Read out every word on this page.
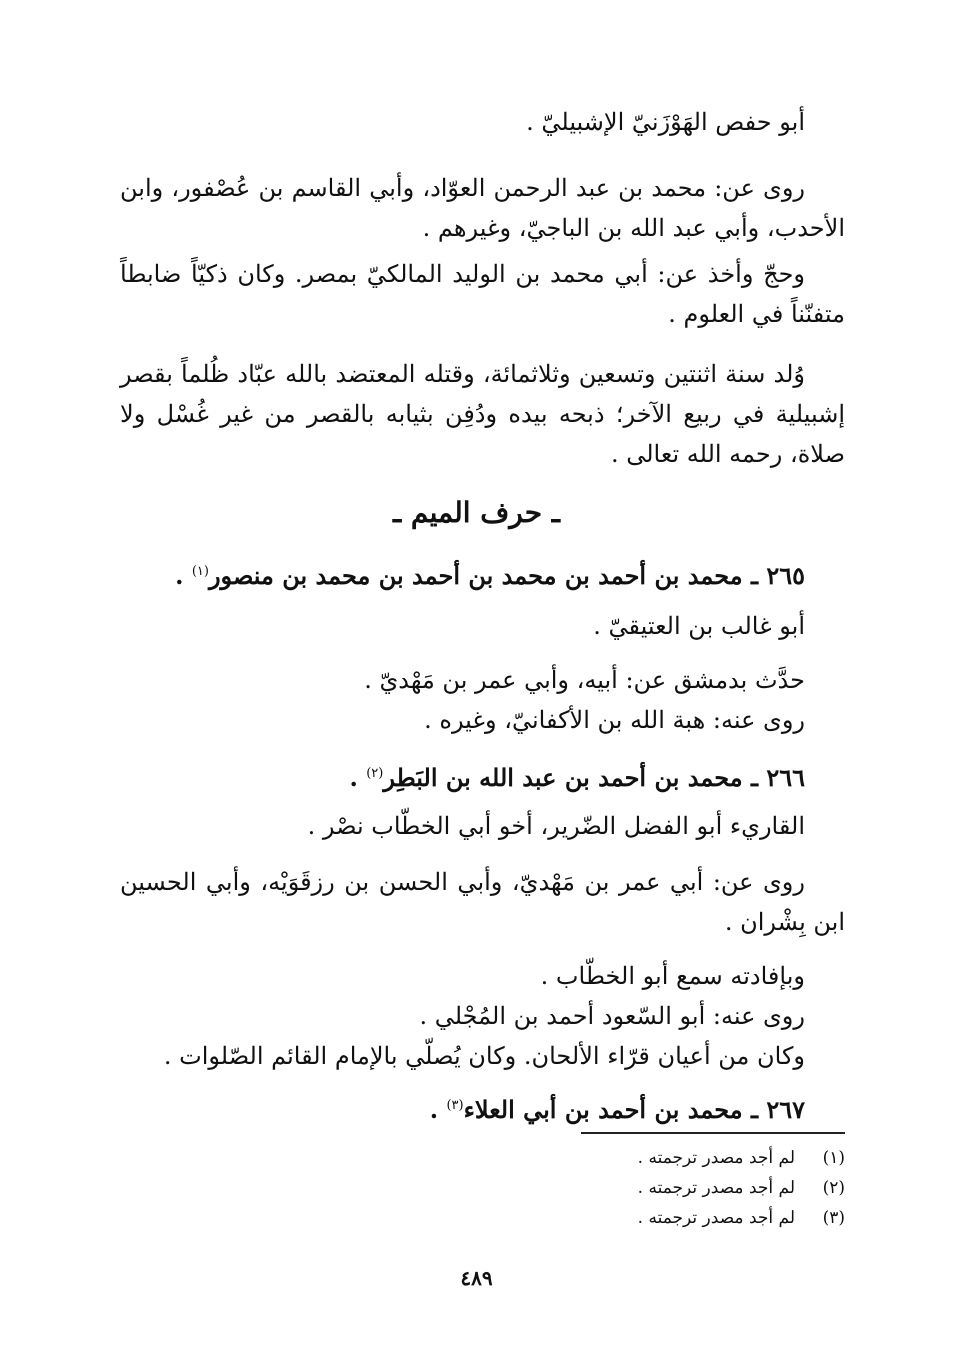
أبو حفص الهَوْزَنيّ الإشبيليّ .
روى عن: محمد بن عبد الرحمن العوّاد، وأبي القاسم بن عُصْفور، وابن الأحدب، وأبي عبد الله بن الباجيّ، وغيرهم .
وحجّ وأخذ عن: أبي محمد بن الوليد المالكيّ بمصر. وكان ذكيّاً ضابطاً متفنّناً في العلوم .
وُلد سنة اثنتين وتسعين وثلاثمائة، وقتله المعتضد بالله عبّاد ظُلماً بقصر إشبيلية في ربيع الآخر؛ ذبحه بيده ودُفِن بثيابه بالقصر من غير غُسْل ولا صلاة، رحمه الله تعالى .
ـ حرف الميم ـ
٢٦٥ ـ محمد بن أحمد بن محمد بن أحمد بن محمد بن منصور$^{(١)}$ .
أبو غالب بن العتيقيّ .
حدَّث بدمشق عن: أبيه، وأبي عمر بن مَهْديّ .
روى عنه: هبة الله بن الأكفانيّ، وغيره .
٢٦٦ ـ محمد بن أحمد بن عبد الله بن البَطِر$^{(٢)}$ .
القاريء أبو الفضل الضّرير، أخو أبي الخطّاب نصْر .
روى عن: أبي عمر بن مَهْديّ، وأبي الحسن بن رزقَوَيْه، وأبي الحسين ابن بِشْران .
وبإفادته سمع أبو الخطّاب .
روى عنه: أبو السّعود أحمد بن المُجْلي .
وكان من أعيان قرّاء الألحان. وكان يُصلّي بالإمام القائم الصّلوات .
٢٦٧ ـ محمد بن أحمد بن أبي العلاء$^{(٣)}$ .
(١)لم أجد مصدر ترجمته .
(٢)لم أجد مصدر ترجمته .
(٣)لم أجد مصدر ترجمته .
٤٨٩
